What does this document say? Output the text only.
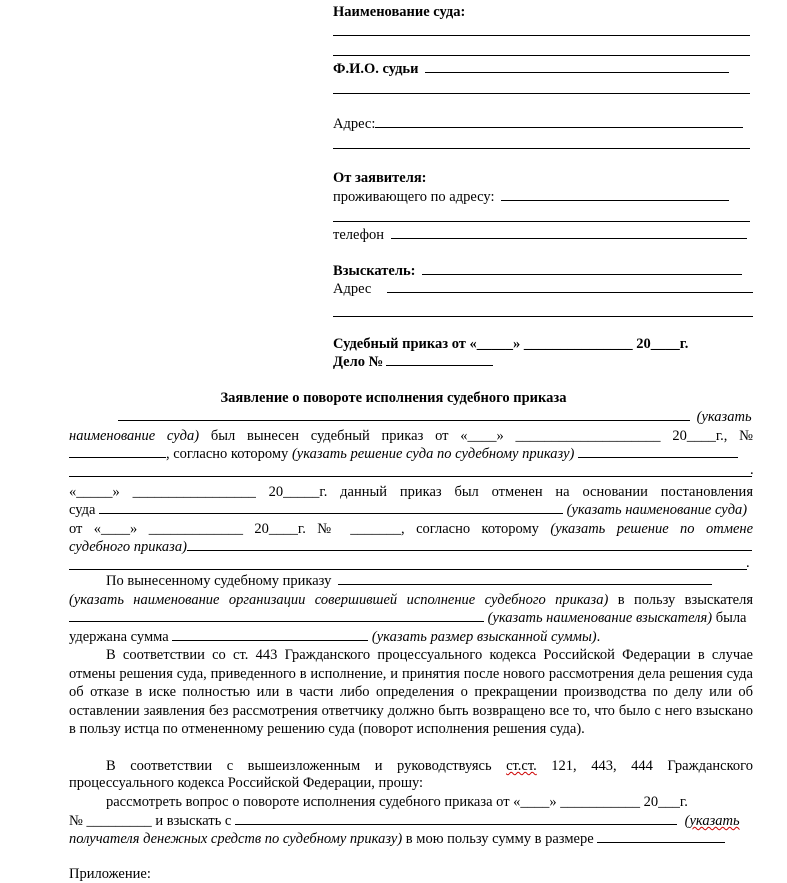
Наименование суда:
Ф.И.О. судьи
Адрес:
От заявителя:
проживающего по адресу:
телефон
Взыскатель:
Адрес
Судебный приказ от «_____» _______________ 20____г.
Дело №
Заявление о повороте исполнения судебного приказа
(указать
наименование суда) был вынесен судебный приказ от «____» ____________________ 20____г., №
, согласно которому (указать решение суда по судебному приказу)
.
«_____» _________________ 20_____г. данный приказ был отменен на основании постановления
суда	(указать наименование суда)
от «____» _____________ 20____г. № _______, согласно которому (указать решение по отмене
судебного приказа)
.
По вынесенному судебному приказу
(указать наименование организации совершившей исполнение судебного приказа) в пользу взыскателя
(указать наименование взыскателя) была
удержана сумма	(указать размер взысканной суммы).
В соответствии со ст. 443 Гражданского процессуального кодекса Российской Федерации в случае отмены решения суда, приведенного в исполнение, и принятия после нового рассмотрения дела решения суда об отказе в иске полностью или в части либо определения о прекращении производства по делу или об оставлении заявления без рассмотрения ответчику должно быть возвращено все то, что было с него взыскано в пользу истца по отмененному решению суда (поворот исполнения решения суда).
В соответствии с вышеизложенным и руководствуясь ст.ст. 121, 443, 444 Гражданского
процессуального кодекса Российской Федерации, прошу:
рассмотреть вопрос о повороте исполнения судебного приказа от «____» ___________ 20___г.
№ _________ и взыскать с	(указать
получателя денежных средств по судебному приказу) в мою пользу сумму в размере
Приложение:
